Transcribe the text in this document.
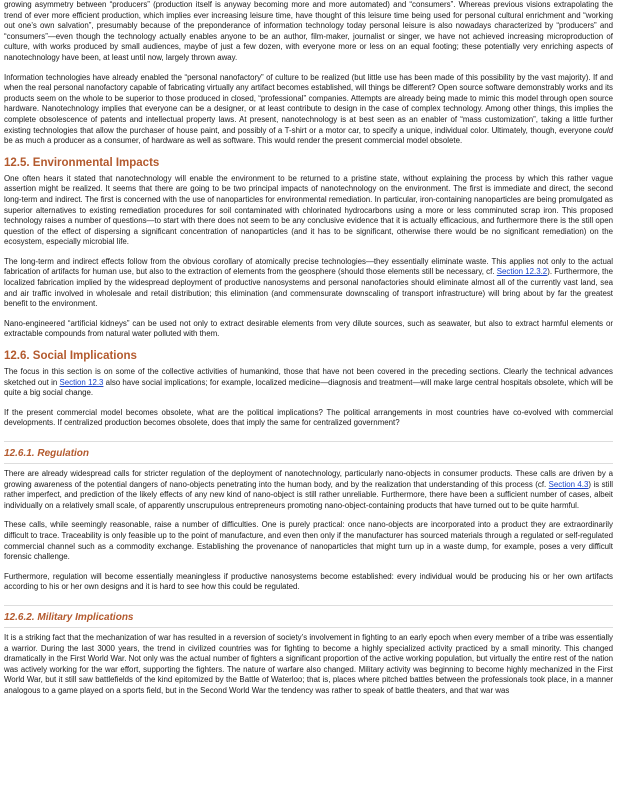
growing asymmetry between “producers” (production itself is anyway becoming more and more automated) and “consumers”. Whereas previous visions extrapolating the trend of ever more efficient production, which implies ever increasing leisure time, have thought of this leisure time being used for personal cultural enrichment and “working out one’s own salvation”, presumably because of the preponderance of information technology today personal leisure is also nowadays characterized by “producers” and “consumers”—even though the technology actually enables anyone to be an author, film-maker, journalist or singer, we have not achieved increasing microproduction of culture, with works produced by small audiences, maybe of just a few dozen, with everyone more or less on an equal footing; these potentially very enriching aspects of nanotechnology have been, at least until now, largely thrown away.

Information technologies have already enabled the “personal nanofactory” of culture to be realized (but little use has been made of this possibility by the vast majority). If and when the real personal nanofactory capable of fabricating virtually any artifact becomes established, will things be different? Open source software demonstrably works and its products seem on the whole to be superior to those produced in closed, “professional” companies. Attempts are already being made to mimic this model through open source hardware. Nanotechnology implies that everyone can be a designer, or at least contribute to design in the case of complex technology. Among other things, this implies the complete obsolescence of patents and intellectual property laws. At present, nanotechnology is at best seen as an enabler of “mass customization”, taking a little further existing technologies that allow the purchaser of house paint, and possibly of a T-shirt or a motor car, to specify a unique, individual color. Ultimately, though, everyone could be as much a producer as a consumer, of hardware as well as software. This would render the present commercial model obsolete.

12.5. Environmental Impacts

One often hears it stated that nanotechnology will enable the environment to be returned to a pristine state, without explaining the process by which this rather vague assertion might be realized. It seems that there are going to be two principal impacts of nanotechnology on the environment. The first is immediate and direct, the second long-term and indirect. The first is concerned with the use of nanoparticles for environmental remediation. In particular, iron-containing nanoparticles are being promulgated as superior alternatives to existing remediation procedures for soil contaminated with chlorinated hydrocarbons using a more or less comminuted scrap iron. This proposed technology raises a number of questions—to start with there does not seem to be any conclusive evidence that it is actually efficacious, and furthermore there is the still open question of the effect of dispersing a significant concentration of nanoparticles (and it has to be significant, otherwise there would be no significant remediation) on the ecosystem, especially microbial life.

The long-term and indirect effects follow from the obvious corollary of atomically precise technologies—they essentially eliminate waste. This applies not only to the actual fabrication of artifacts for human use, but also to the extraction of elements from the geosphere (should those elements still be necessary, cf. Section 12.3.2). Furthermore, the localized fabrication implied by the widespread deployment of productive nanosystems and personal nanofactories should eliminate almost all of the currently vast land, sea and air traffic involved in wholesale and retail distribution; this elimination (and commensurate downscaling of transport infrastructure) will bring about by far the greatest benefit to the environment.

Nano-engineered “artificial kidneys” can be used not only to extract desirable elements from very dilute sources, such as seawater, but also to extract harmful elements or extractable compounds from natural water polluted with them.

12.6. Social Implications

The focus in this section is on some of the collective activities of humankind, those that have not been covered in the preceding sections. Clearly the technical advances sketched out in Section 12.3 also have social implications; for example, localized medicine—diagnosis and treatment—will make large central hospitals obsolete, which will be quite a big social change.

If the present commercial model becomes obsolete, what are the political implications? The political arrangements in most countries have co-evolved with commercial developments. If centralized production becomes obsolete, does that imply the same for centralized government?

12.6.1. Regulation

There are already widespread calls for stricter regulation of the deployment of nanotechnology, particularly nano-objects in consumer products. These calls are driven by a growing awareness of the potential dangers of nano-objects penetrating into the human body, and by the realization that understanding of this process (cf. Section 4.3) is still rather imperfect, and prediction of the likely effects of any new kind of nano-object is still rather unreliable. Furthermore, there have been a sufficient number of cases, albeit individually on a relatively small scale, of apparently unscrupulous entrepreneurs promoting nano-object-containing products that have turned out to be quite harmful.

These calls, while seemingly reasonable, raise a number of difficulties. One is purely practical: once nano-objects are incorporated into a product they are extraordinarily difficult to trace. Traceability is only feasible up to the point of manufacture, and even then only if the manufacturer has sourced materials through a regulated or self-regulated commercial channel such as a commodity exchange. Establishing the provenance of nanoparticles that might turn up in a waste dump, for example, poses a very difficult forensic challenge.

Furthermore, regulation will become essentially meaningless if productive nanosystems become established: every individual would be producing his or her own artifacts according to his or her own designs and it is hard to see how this could be regulated.

12.6.2. Military Implications

It is a striking fact that the mechanization of war has resulted in a reversion of society’s involvement in fighting to an early epoch when every member of a tribe was essentially a warrior. During the last 3000 years, the trend in civilized countries was for fighting to become a highly specialized activity practiced by a small minority. This changed dramatically in the First World War. Not only was the actual number of fighters a significant proportion of the active working population, but virtually the entire rest of the nation was actively working for the war effort, supporting the fighters. The nature of warfare also changed. Military activity was beginning to become highly mechanized in the First World War, but it still saw battlefields of the kind epitomized by the Battle of Waterloo; that is, places where pitched battles between the professionals took place, in a manner analogous to a game played on a sports field, but in the Second World War the tendency was rather to speak of battle theaters, and that war was
